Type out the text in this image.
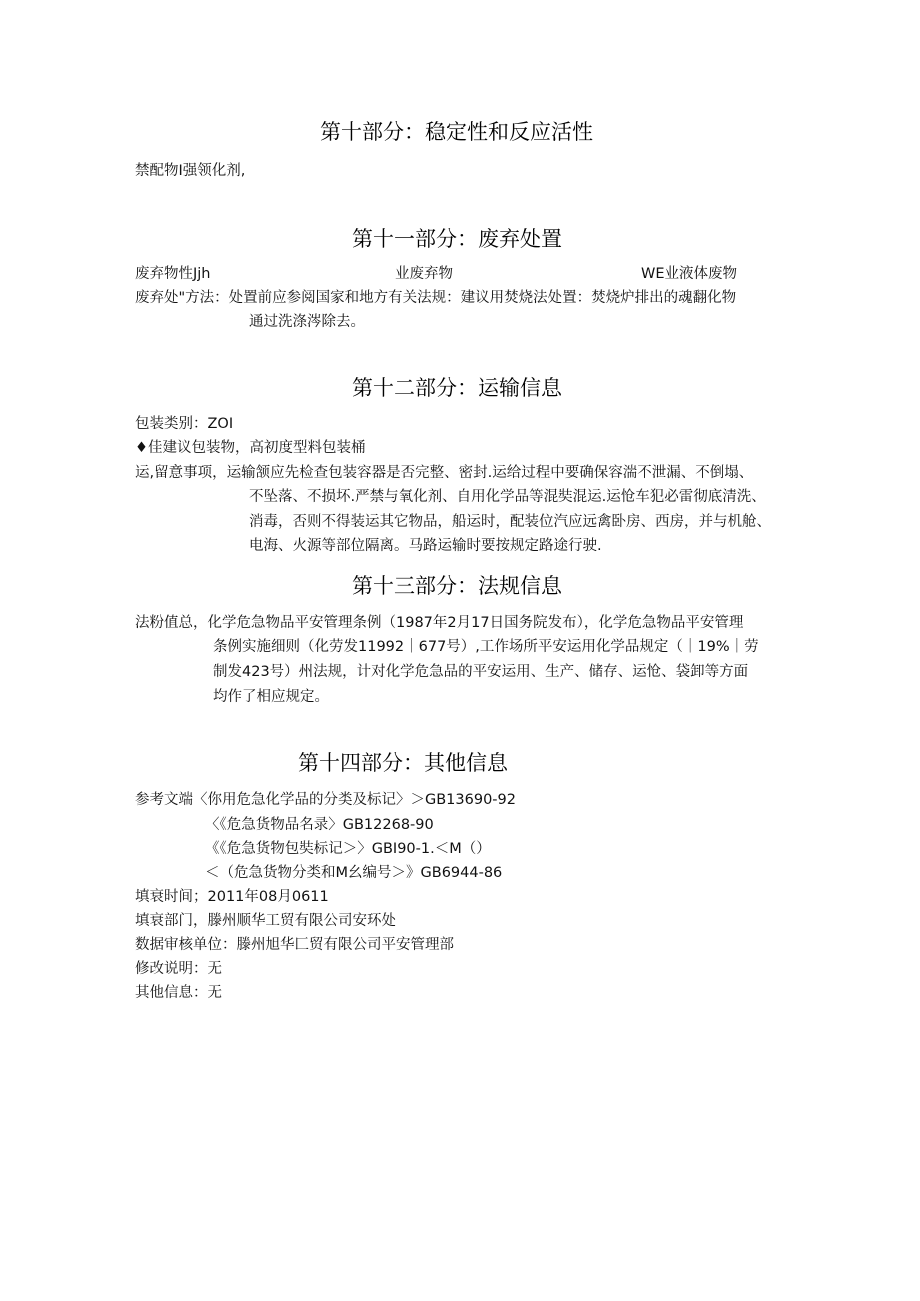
第十部分：稳定性和反应活性
禁配物I强领化剂,
第十一部分：废弃处置
废弃物性Jjh	业废弃物	WE业液体废物
废弃处"方法：处置前应参阅国家和地方有关法规：建议用焚烧法处置：焚烧炉排出的魂翻化物
通过洗涤涔除去。
第十二部分：运输信息
包装类别：ZOI
♦佳建议包装物，高初度型料包装桶
运,留意事项，运输颔应先检查包装容器是否完整、密封.运给过程中要确保容湍不泄漏、不倒塌、
不坠落、不损坏.严禁与氧化剂、自用化学品等混奘混运.运怆车犯必雷彻底清洗、
消毒，否则不得装运其它物品，船运时，配装位汽应远禽卧房、西房，并与机舱、
电海、火源等部位隔离。马路运输时要按规定路途行驶.
第十三部分：法规信息
法粉值总，化学危急物品平安管理条例（1987年2月17日国务院发布），化学危急物品平安管理
条例实施细则（化劳发11992｜677号）,工作场所平安运用化学品规定（｜19%｜劳
制发423号）州法规，计对化学危急品的平安运用、生产、储存、运怆、袋卸等方面
均作了相应规定。
第十四部分：其他信息
参考文端〈你用危急化学品的分类及标记〉＞GB13690-92
〈《危急货物品名录〉GB12268-90
《《危急货物包奘标记＞〉GBI90-1.＜M（）
＜（危急货物分类和M幺编号＞》GB6944-86
填衰时间；2011年08月0611
填衰部门，滕州顺华工贸有限公司安环处
数据审核单位：滕州旭华匚贸有限公司平安管理部
修改说明：无
其他信息：无
